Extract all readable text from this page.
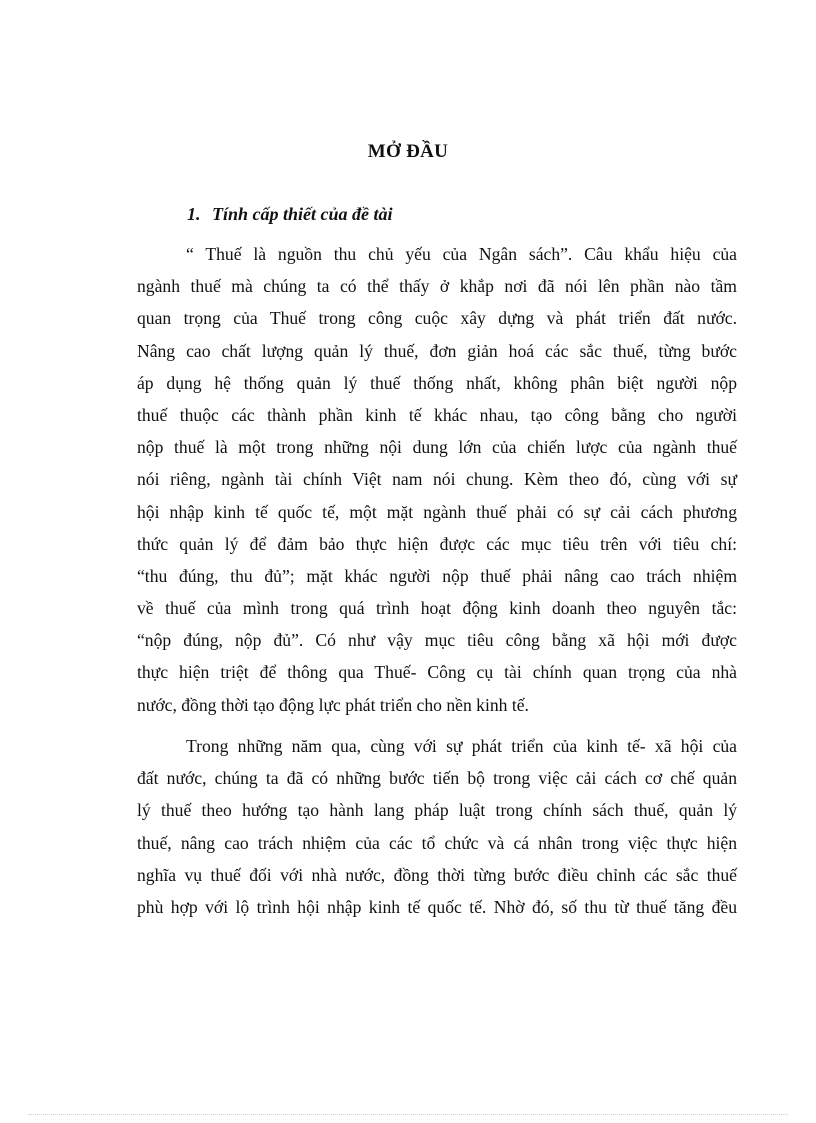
MỞ ĐẦU
1. Tính cấp thiết của đề tài
“ Thuế là nguồn thu chủ yếu của Ngân sách”. Câu khẩu hiệu của
ngành thuế mà chúng ta có thể thấy ở khắp nơi đã nói lên phần nào tầm
quan trọng của Thuế trong công cuộc xây dựng và phát triển đất nước.
Nâng cao chất lượng quản lý thuế, đơn giản hoá các sắc thuế, từng bước
áp dụng hệ thống quản lý thuế thống nhất, không phân biệt người nộp
thuế thuộc các thành phần kinh tế khác nhau, tạo công bằng cho người
nộp thuế là một trong những nội dung lớn của chiến lược của ngành thuế
nói riêng, ngành tài chính Việt nam nói chung. Kèm theo đó, cùng với sự
hội nhập kinh tế quốc tế, một mặt ngành thuế phải có sự cải cách phương
thức quản lý để đảm bảo thực hiện được các mục tiêu trên với tiêu chí:
“thu đúng, thu đủ”; mặt khác người nộp thuế phải nâng cao trách nhiệm
về thuế của mình trong quá trình hoạt động kinh doanh theo nguyên tắc:
“nộp đúng, nộp đủ”. Có như vậy mục tiêu công bằng xã hội mới được
thực hiện triệt để thông qua Thuế- Công cụ tài chính quan trọng của nhà
nước, đồng thời tạo động lực phát triển cho nền kinh tế.
Trong những năm qua, cùng với sự phát triển của kinh tế- xã hội của
đất nước, chúng ta đã có những bước tiến bộ trong việc cải cách cơ chế quản
lý thuế theo hướng tạo hành lang pháp luật trong chính sách thuế, quản lý
thuế, nâng cao trách nhiệm của các tổ chức và cá nhân trong việc thực hiện
nghĩa vụ thuế đối với nhà nước, đồng thời từng bước điều chỉnh các sắc thuế
phù hợp với lộ trình hội nhập kinh tế quốc tế. Nhờ đó, số thu từ thuế tăng đều
